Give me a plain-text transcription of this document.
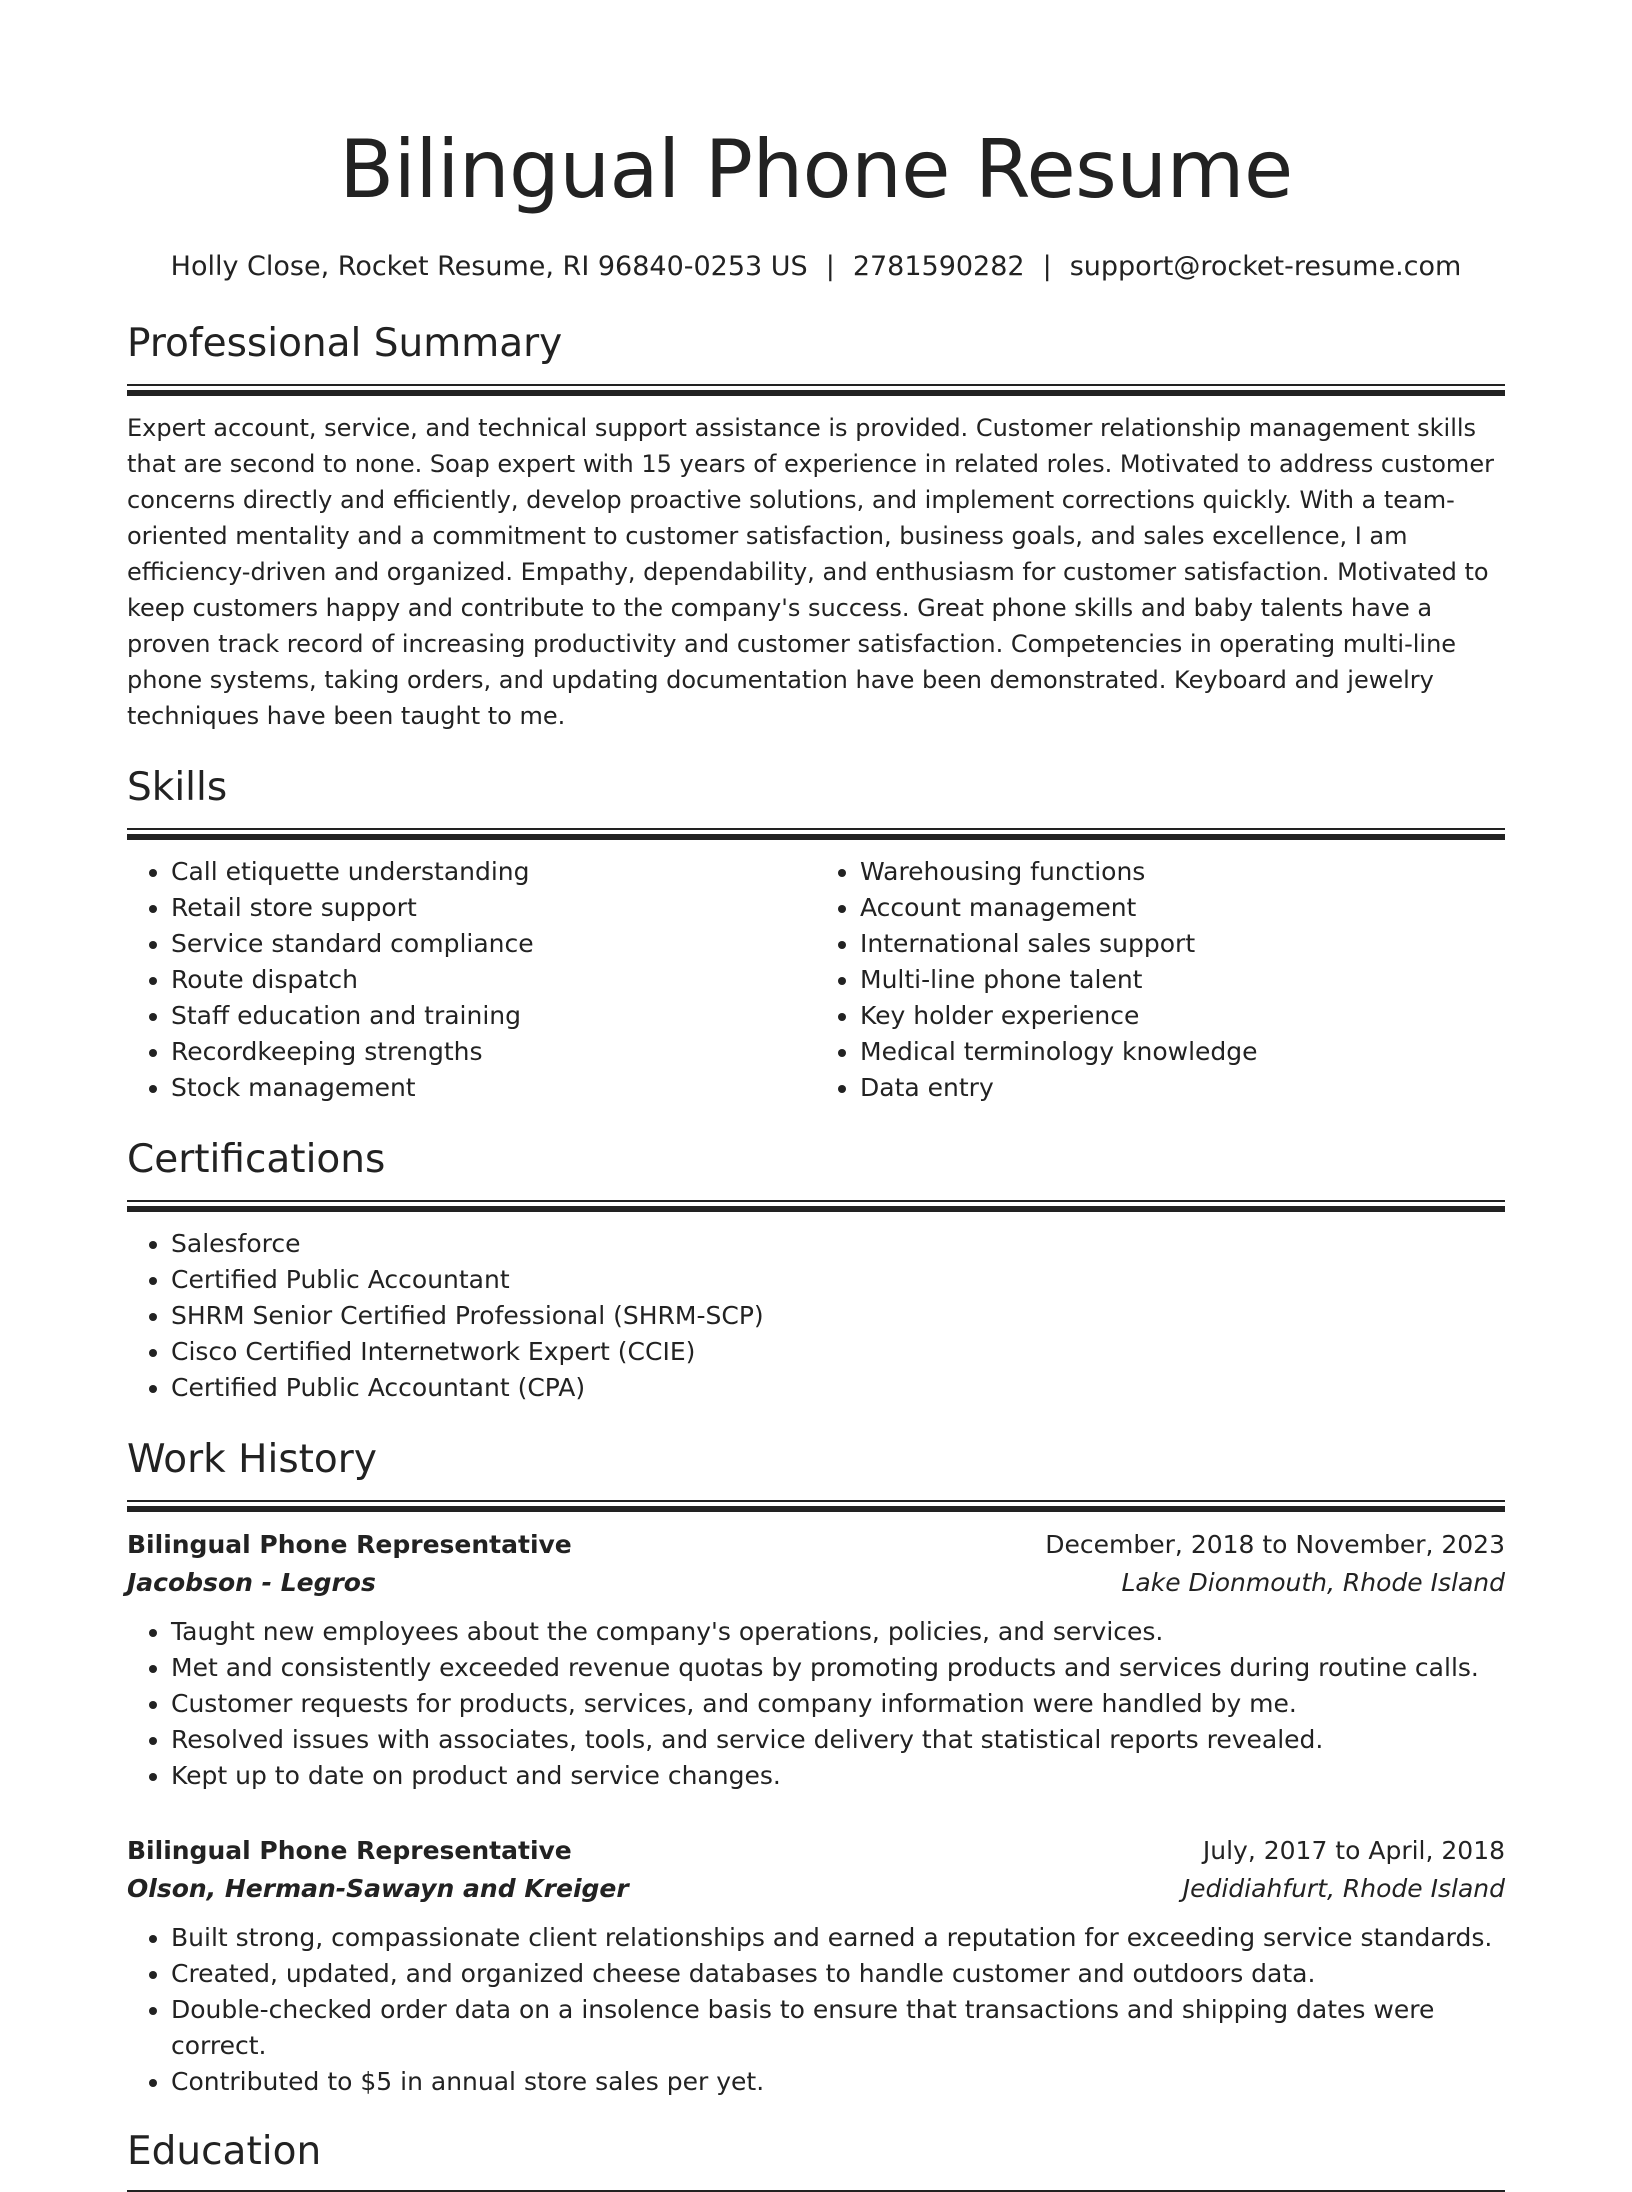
Bilingual Phone Resume
Holly Close, Rocket Resume, RI 96840-0253 US | 2781590282 | support@rocket-resume.com
Professional Summary
Expert account, service, and technical support assistance is provided. Customer relationship management skills that are second to none. Soap expert with 15 years of experience in related roles. Motivated to address customer concerns directly and efficiently, develop proactive solutions, and implement corrections quickly. With a team-oriented mentality and a commitment to customer satisfaction, business goals, and sales excellence, I am efficiency-driven and organized. Empathy, dependability, and enthusiasm for customer satisfaction. Motivated to keep customers happy and contribute to the company's success. Great phone skills and baby talents have a proven track record of increasing productivity and customer satisfaction. Competencies in operating multi-line phone systems, taking orders, and updating documentation have been demonstrated. Keyboard and jewelry techniques have been taught to me.
Skills
• Call etiquette understanding
• Retail store support
• Service standard compliance
• Route dispatch
• Staff education and training
• Recordkeeping strengths
• Stock management
• Warehousing functions
• Account management
• International sales support
• Multi-line phone talent
• Key holder experience
• Medical terminology knowledge
• Data entry
Certifications
• Salesforce
• Certified Public Accountant
• SHRM Senior Certified Professional (SHRM-SCP)
• Cisco Certified Internetwork Expert (CCIE)
• Certified Public Accountant (CPA)
Work History
Bilingual Phone Representative	December, 2018 to November, 2023
Jacobson - Legros	Lake Dionmouth, Rhode Island
• Taught new employees about the company's operations, policies, and services.
• Met and consistently exceeded revenue quotas by promoting products and services during routine calls.
• Customer requests for products, services, and company information were handled by me.
• Resolved issues with associates, tools, and service delivery that statistical reports revealed.
• Kept up to date on product and service changes.
Bilingual Phone Representative	July, 2017 to April, 2018
Olson, Herman-Sawayn and Kreiger	Jedidiahfurt, Rhode Island
• Built strong, compassionate client relationships and earned a reputation for exceeding service standards.
• Created, updated, and organized cheese databases to handle customer and outdoors data.
• Double-checked order data on a insolence basis to ensure that transactions and shipping dates were correct.
• Contributed to $5 in annual store sales per yet.
Education
